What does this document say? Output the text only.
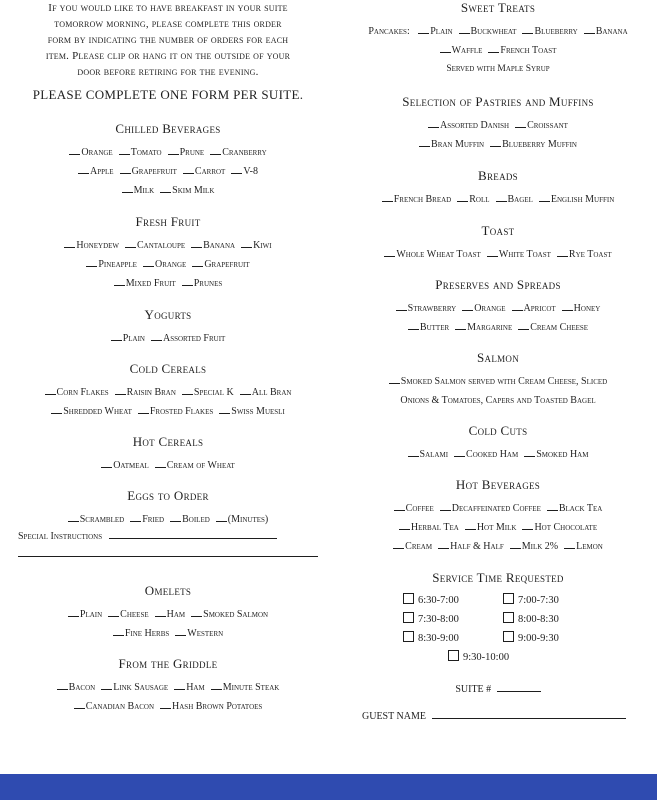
If you would like to have breakfast in your suite

tomorrow morning, please complete this order

form by indicating the number of orders for each

item. Please clip or hang it on the outside of your

door before retiring for the evening.

PLEASE COMPLETE ONE FORM PER SUITE.

Chilled Beverages
Orange Tomato Prune Cranberry
Apple Grapefruit Carrot V-8
Milk Skim Milk
Fresh Fruit
Honeydew Cantaloupe Banana Kiwi
Pineapple Orange Grapefruit
Mixed Fruit Prunes
Yogurts
Plain Assorted Fruit
Cold Cereals
Corn Flakes Raisin Bran Special K All Bran
Shredded Wheat Frosted Flakes Swiss Muesli
Hot Cereals
Oatmeal Cream of Wheat
Eggs to Order
Scrambled Fried Boiled (Minutes)
Special Instructions
Omelets
Plain Cheese Ham Smoked Salmon
Fine Herbs Western
From the Griddle
Bacon Link Sausage Ham Minute Steak
Canadian Bacon Hash Brown Potatoes
Sweet Treats
Pancakes: Plain Buckwheat Blueberry Banana
Waffle French Toast
Served with Maple Syrup
Selection of Pastries and Muffins
Assorted Danish Croissant
Bran Muffin Blueberry Muffin
Breads
French Bread Roll Bagel English Muffin
Toast
Whole Wheat Toast White Toast Rye Toast
Preserves and Spreads
Strawberry Orange Apricot Honey
Butter Margarine Cream Cheese
Salmon
Smoked Salmon served with Cream Cheese, Sliced
Onions & Tomatoes, Capers and Toasted Bagel
Cold Cuts
Salami Cooked Ham Smoked Ham
Hot Beverages
Coffee Decaffeinated Coffee Black Tea
Herbal Tea Hot Milk Hot Chocolate
Cream Half & Half Milk 2% Lemon
Service Time Requested
6:30-7:00	7:00-7:30
7:30-8:00	8:00-8:30
8:30-9:00	9:00-9:30
9:30-10:00
SUITE #
GUEST NAME
